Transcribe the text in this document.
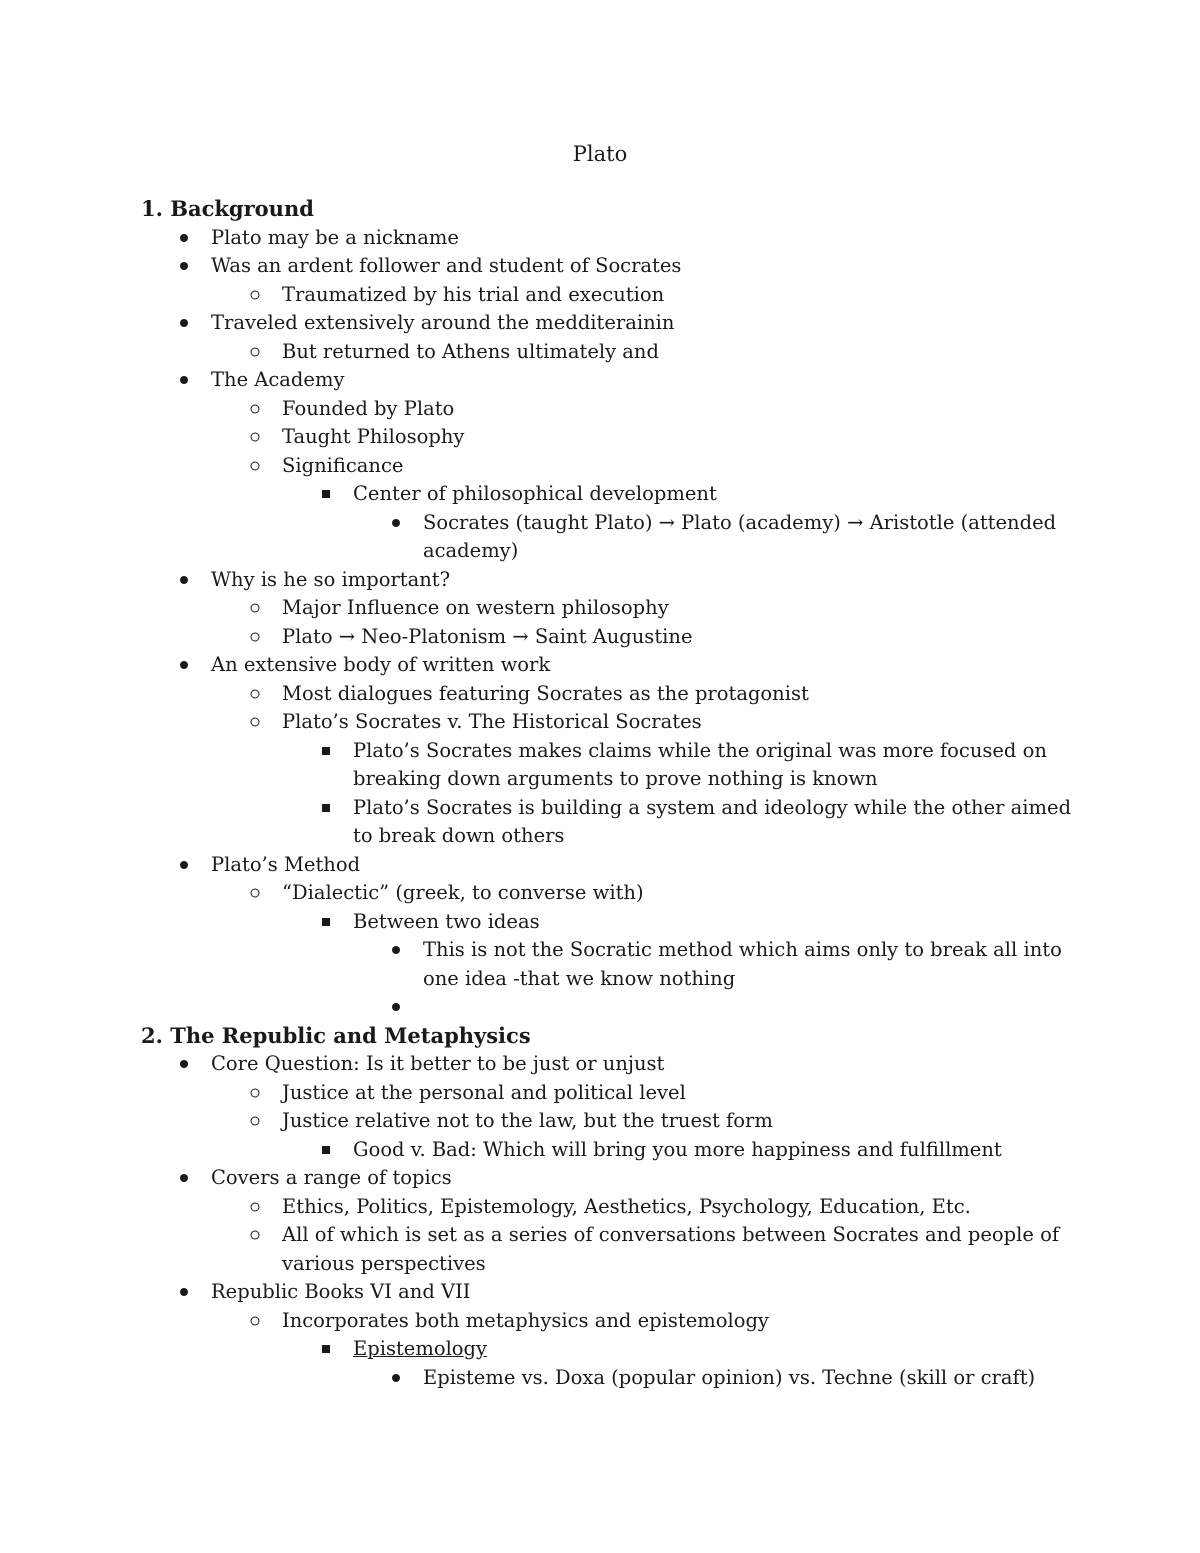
Plato
1. Background
Plato may be a nickname
Was an ardent follower and student of Socrates
Traumatized by his trial and execution
Traveled extensively around the medditerainin
But returned to Athens ultimately and
The Academy
Founded by Plato
Taught Philosophy
Significance
Center of philosophical development
Socrates (taught Plato) → Plato (academy) → Aristotle (attended academy)
Why is he so important?
Major Influence on western philosophy
Plato → Neo-Platonism → Saint Augustine
An extensive body of written work
Most dialogues featuring Socrates as the protagonist
Plato’s Socrates v. The Historical Socrates
Plato’s Socrates makes claims while the original was more focused on breaking down arguments to prove nothing is known
Plato’s Socrates is building a system and ideology while the other aimed to break down others
Plato’s Method
“Dialectic” (greek, to converse with)
Between two ideas
This is not the Socratic method which aims only to break all into one idea -that we know nothing

2. The Republic and Metaphysics
Core Question: Is it better to be just or unjust
Justice at the personal and political level
Justice relative not to the law, but the truest form
Good v. Bad: Which will bring you more happiness and fulfillment
Covers a range of topics
Ethics, Politics, Epistemology, Aesthetics, Psychology, Education, Etc.
All of which is set as a series of conversations between Socrates and people of various perspectives
Republic Books VI and VII
Incorporates both metaphysics and epistemology
Epistemology
Episteme vs. Doxa (popular opinion) vs. Techne (skill or craft)
